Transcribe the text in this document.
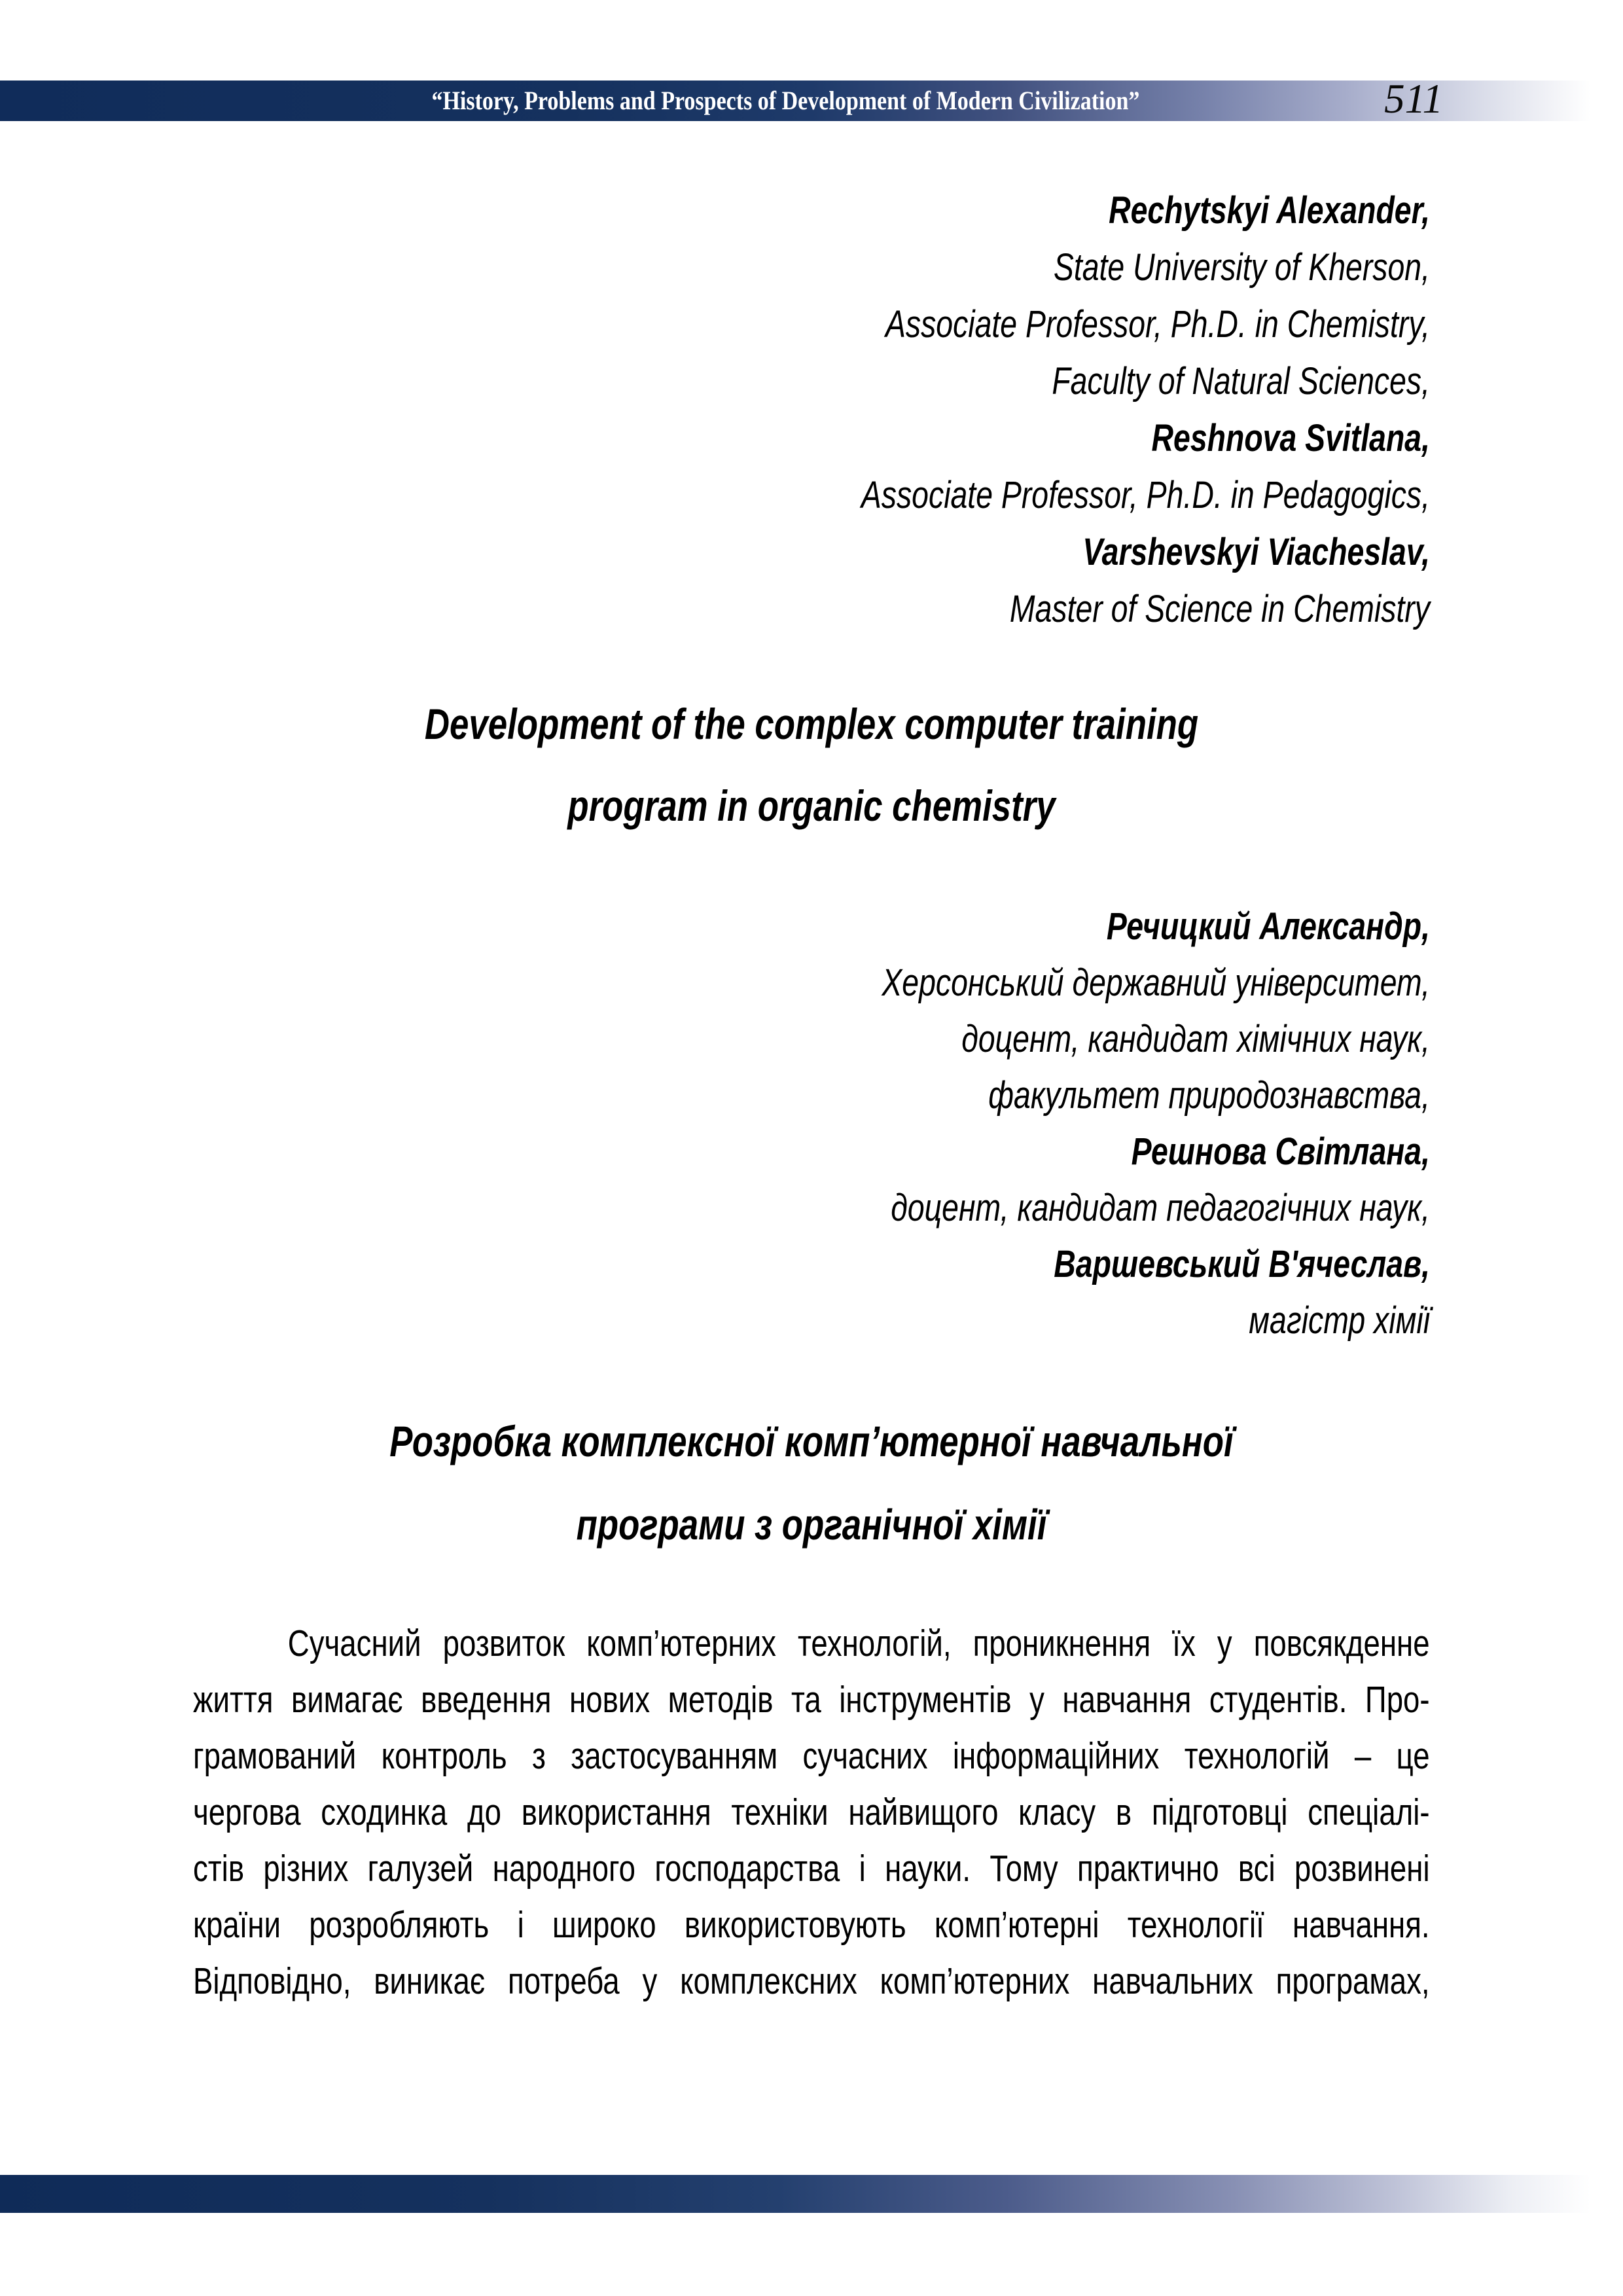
“History, Problems and Prospects of Development of Modern Civilization”	511
Rechytskyi Alexander,
State University of Kherson,
Associate Professor, Ph.D. in Chemistry,
Faculty of Natural Sciences,
Reshnova Svitlana,
Associate Professor, Ph.D. in Pedagogics,
Varshevskyi Viacheslav,
Master of Science in Chemistry
Development of the complex computer training
program in organic chemistry
Речицкий Александр,
Херсонський державний університет,
доцент, кандидат хімічних наук,
факультет природознавства,
Решнова Світлана,
доцент, кандидат педагогічних наук,
Варшевський В'ячеслав,
магістр хімії
Розробка комплексної комп’ютерної навчальної
програми з органічної хімії
Сучасний розвиток комп’ютерних технологій, проникнення їх у повсякденне
життя вимагає введення нових методів та інструментів у навчання студентів. Про-
грамований контроль з застосуванням сучасних інформаційних технологій – це
чергова сходинка до використання техніки найвищого класу в підготовці спеціалі-
стів різних галузей народного господарства і науки. Тому практично всі розвинені
країни розробляють і широко використовують комп’ютерні технології навчання.
Відповідно, виникає потреба у комплексних комп’ютерних навчальних програмах,
